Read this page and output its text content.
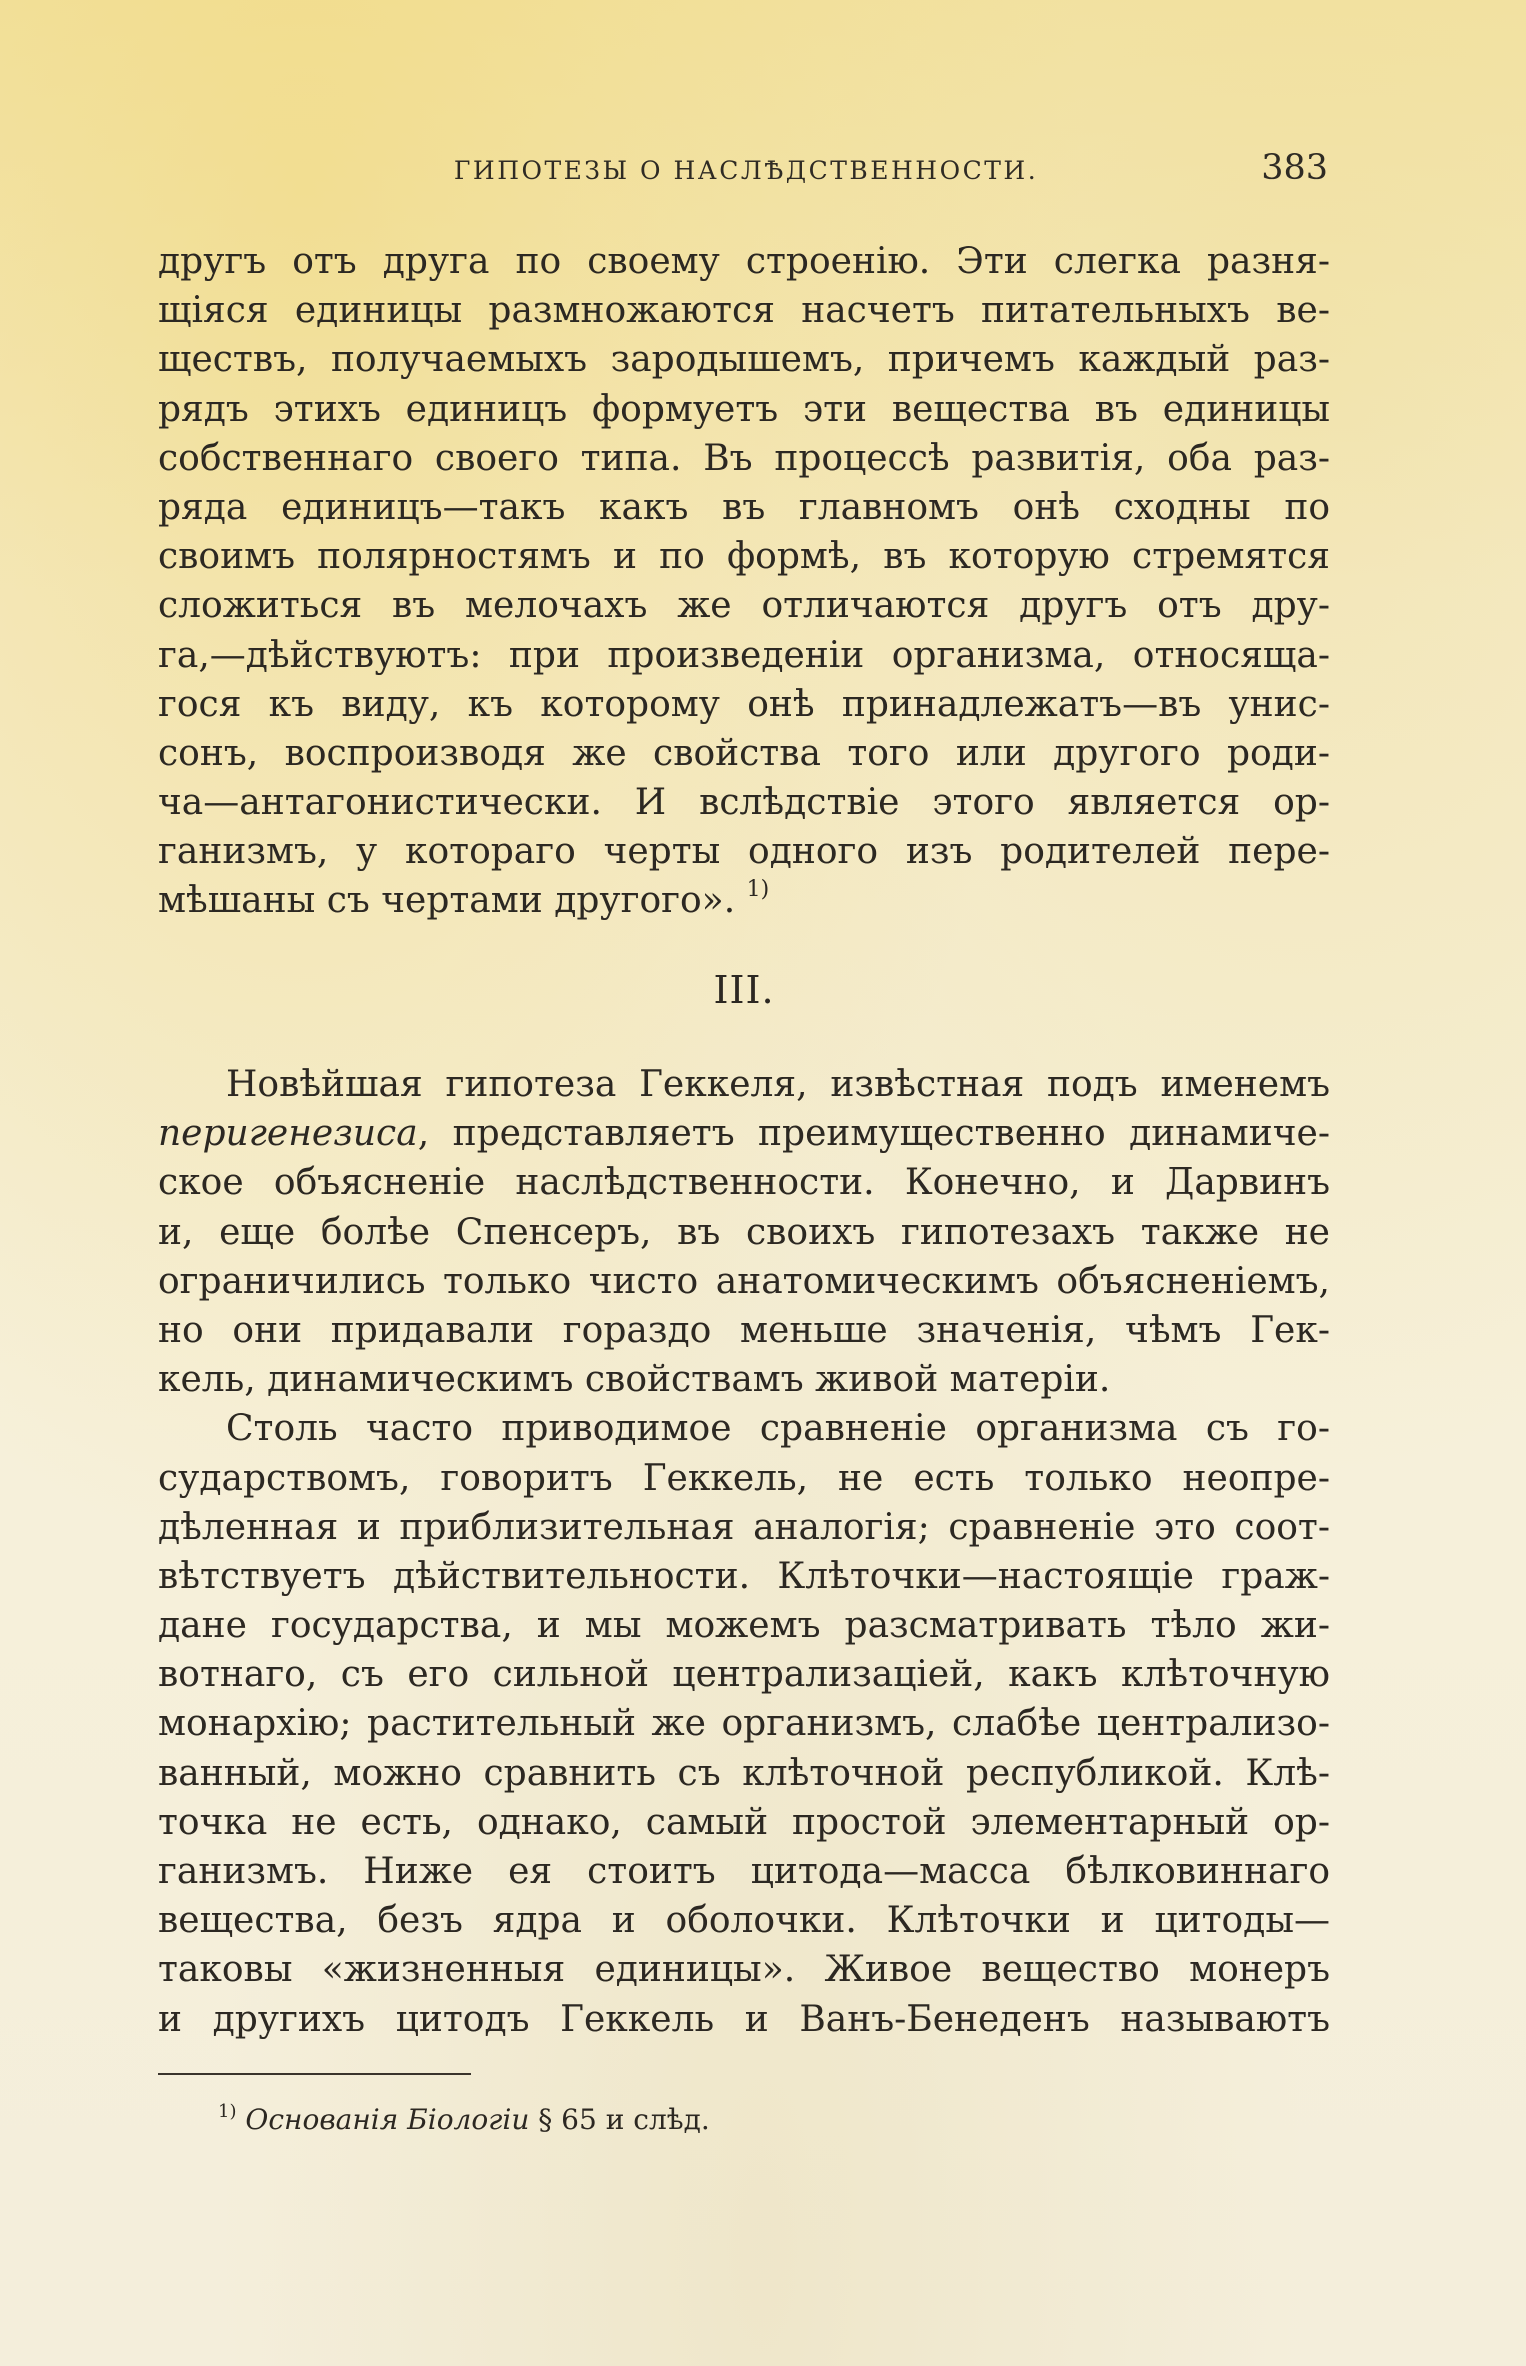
ГИПОТЕЗЫ О НАСЛѢДСТВЕННОСТИ.	383
другъ отъ друга по своему строенію. Эти слегка разня-
щіяся единицы размножаются насчетъ питательныхъ ве-
ществъ, получаемыхъ зародышемъ, причемъ каждый раз-
рядъ этихъ единицъ формуетъ эти вещества въ единицы
собственнаго своего типа. Въ процессѣ развитія, оба раз-
ряда единицъ—такъ какъ въ главномъ онѣ сходны по
своимъ полярностямъ и по формѣ, въ которую стремятся
сложиться въ мелочахъ же отличаются другъ отъ дру-
га,—дѣйствуютъ: при произведеніи организма, относяща-
гося къ виду, къ которому онѣ принадлежатъ—въ унис-
сонъ, воспроизводя же свойства того или другого роди-
ча—антагонистически. И вслѣдствіе этого является ор-
ганизмъ, у котораго черты одного изъ родителей пере-
мѣшаны съ чертами другого». $^{1)}$
III.
Новѣйшая гипотеза Геккеля, извѣстная подъ именемъ
перигенезиса, представляетъ преимущественно динамиче-
ское объясненіе наслѣдственности. Конечно, и Дарвинъ
и, еще болѣе Спенсеръ, въ своихъ гипотезахъ также не
ограничились только чисто анатомическимъ объясненіемъ,
но они придавали гораздо меньше значенія, чѣмъ Гек-
кель, динамическимъ свойствамъ живой матеріи.
Столь часто приводимое сравненіе организма съ го-
сударствомъ, говоритъ Геккель, не есть только неопре-
дѣленная и приблизительная аналогія; сравненіе это соот-
вѣтствуетъ дѣйствительности. Клѣточки—настоящіе граж-
дане государства, и мы можемъ разсматривать тѣло жи-
вотнаго, съ его сильной централизаціей, какъ клѣточную
монархію; растительный же организмъ, слабѣе централизо-
ванный, можно сравнить съ клѣточной республикой. Клѣ-
точка не есть, однако, самый простой элементарный ор-
ганизмъ. Ниже ея стоитъ цитода—масса бѣлковиннаго
вещества, безъ ядра и оболочки. Клѣточки и цитоды—
таковы «жизненныя единицы». Живое вещество монеръ
и другихъ цитодъ Геккель и Ванъ-Бенеденъ называютъ
$^{1)}$ Основанія Біологіи § 65 и слѣд.
